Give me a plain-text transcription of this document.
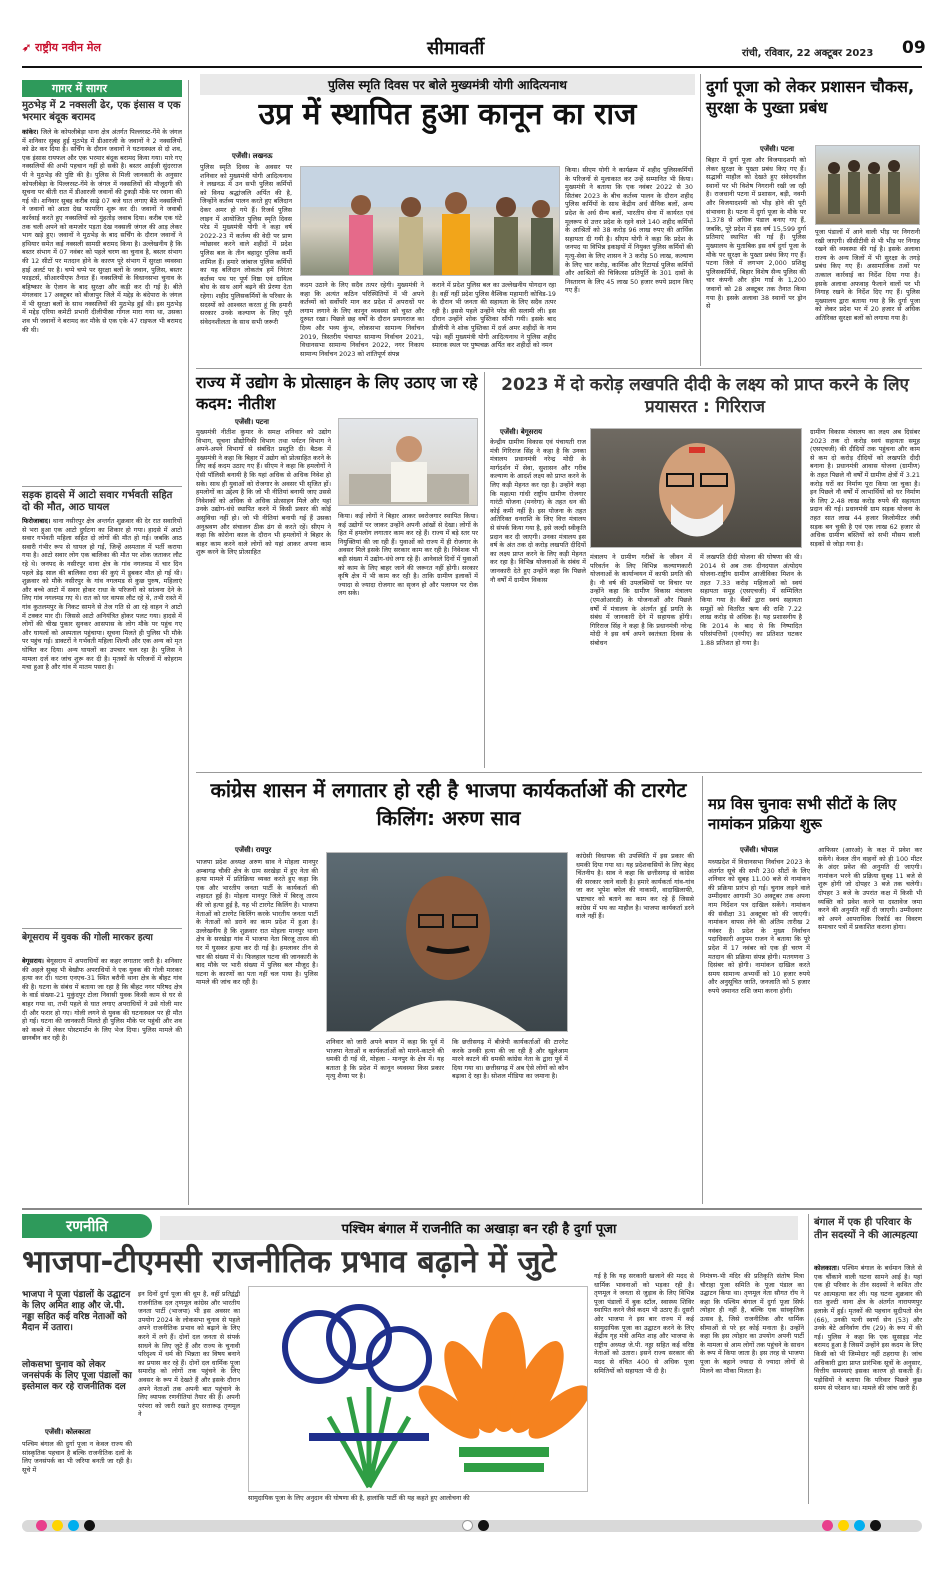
➶ राष्ट्रीय नवीन मेल	सीमावर्ती	रांची, रविवार, 22 अक्टूबर 2023 09
गागर में सागर
मुठभेड़ में 2 नक्सली ढेर, एक इंसास व एक भरमार बंदूक बरामद
कांकेर। जिले के कोयलीबेड़ा थाना क्षेत्र अंतर्गत पिल्लरस्ट-गेंमे के जंगल में शनिवार सुबह हुई मुठभेड़ में डीआरजी के जवानों ने 2 नक्सलियों को ढेर कर दिया है। सर्चिंग के दौरान जवानों ने घटनास्थल से दो शव, एक इंसास रायफल और एक भरमार बंदूक बरामद किया गया। मारे गए नक्सलियों की अभी पहचान नहीं हो सकी है। बस्तर आईजी सुंदरराज पी ने मुठभेड़ की पुष्टि की है। पुलिस से मिली जानकारी के अनुसार कोयलीबेड़ा के पिल्लरस्ट-गेंमे के जंगल में नक्सलियों की मौजूदगी की सूचना पर बीती रात में डीआरजी जवानों की टुकड़ी मौके पर रवाना की गई थी। शनिवार सुबह करीब साढ़े 07 बजे घात लगाए बैठे नक्सलियों ने जवानों को आता देख फायरिंग शुरू कर दी। जवानों ने जवाबी कार्रवाई करते हुए नक्सलियों को मुंहतोड़ जवाब दिया। करीब एक घंटे तक चली अपने को कमजोर पड़ता देख नक्सली जंगल की आड़ लेकर भाग खड़े हुए। जवानों ने मुठभेड़ के बाद सर्चिंग के दौरान जवानों ने हथियार समेत कई नक्सली सामग्री बरामद किया है। उल्लेखनीय है कि बस्तर संभाग में 07 नवंबर को पहले चरण का चुनाव है, बस्तर संभाग की 12 सीटों पर मतदान होने के कारण पूरे संभाग में सुरक्षा व्यवस्था हाई अलर्ट पर है। चप्पे चप्पे पर सुरक्षा बलों के जवान, पुलिस, बस्तर फाइटर्स, सीआरपीएफ तैनात हैं। नक्सलियों के विधानसभा चुनाव के बहिष्कार के ऐलान के बाद सुरक्षा और कड़ी कर दी गई है। बीते मंगलवार 17 अक्टूबर को बीजापुर जिले में मद्देड़ के बंदेपारा के जंगल में भी सुरक्षा बलों के साथ नक्सलियों की मुठभेड़ हुई थी। इस मुठभेड़ में मद्देड़ एरिया कमेटी प्रभारी दीलीपीस्रा गोंगल मारा गया था, उसका शव भी जवानों ने बरामद कर मौके से एक एके 47 राइफल भी बरामद की थी।
सड़क हादसे में आटो सवार गर्भवती सहित दो की मौत, आठ घायल
फिरोजाबाद। थाना नसीरपुर क्षेत्र अन्तर्गत शुक्रवार की देर रात सवारियों से भरा हुआ एक आटो दुर्घटना का शिकार हो गया। हादसे में आटो सवार गर्भवती महिला सहित दो लोगों की मौत हो गई। जबकि आठ सवारी गंभीर रूप से घायल हो गई, जिन्हें अस्पताल में भर्ती कराया गया है। आटो सवार लोग एक बालिका की मौत पर शोक जताकर लौट रहे थे। जनपद के नसीरपुर थाना क्षेत्र के गांव नगलमड में चार दिन पहले डेढ़ साल की बालिका राधा की कुएं में डूबकर मौत हो गई थी। शुक्रवार को मौके नसीरपुर के गांव नगलमड से कुछ पुरुष, महिलाएं और बच्चे आटो में सवार होकर राधा के परिजनों को सांत्वना देने के लिए गांव नगलमड गए थे। रात को घर वापस लौट रहे थे, तभी रास्ते में गांव कुतलमपुर के निकट सामने से तेज गति से आ रहे वाहन ने आटो में टक्कर मार दी। जिससे आटो अनियंत्रित होकर पलट गया। हादसे में लोगों की चीख पुकार सुनकर आसपास के लोग मौके पर पहुंच गए और घायलों को अस्पताल पहुंचाया। सूचना मिलते ही पुलिस भी मौके पर पहुंच गई। डाक्टरों ने गर्भवती महिला शिल्पी और एक अन्य को मृत घोषित कर दिया। अन्य घायलों का उपचार चल रहा है। पुलिस ने मामला दर्ज कर जांच शुरू कर दी है। मृतकों के परिजनों में कोहराम मचा हुआ है और गांव में मातम पसरा है।
बेगूसराय में युवक की गोली मारकर हत्या
बेगूसराय। बेगूसराय में अपराधियों का कहर लगातार जारी है। शनिवार की अहले सुबह भी बेखौफ अपराधियों ने एक युवक की गोली मारकर हत्या कर दी। घटना एनएच-31 स्थित बरौनी थाना क्षेत्र के बीहट गांव की है। घटना के संबंध में बताया जा रहा है कि बीहट नगर परिषद क्षेत्र के वार्ड संख्या-21 मुकुंदपुर टोला निवासी युवक किसी काम से घर से बाहर गया था, तभी पहले से घात लगाए अपराधियों ने उसे गोली मार दी और फरार हो गए। गोली लगने से युवक की घटनास्थल पर ही मौत हो गई। घटना की जानकारी मिलते ही पुलिस मौके पर पहुंची और शव को कब्जे में लेकर पोस्टमार्टम के लिए भेज दिया। पुलिस मामले की छानबीन कर रही है।
पुलिस स्मृति दिवस पर बोले मुख्यमंत्री योगी आदित्यनाथ
उप्र में स्थापित हुआ कानून का राज
एजेंसी। लखनऊ
पुलिस स्मृति दिवस के अवसर पर शनिवार को मुख्यमंत्री योगी आदित्यनाथ ने लखनऊ में उन सभी पुलिस कर्मियों को विनम्र श्रद्धांजलि अर्पित की है, जिन्होंने कर्तव्य पालन करते हुए बलिदान देकर अमर हो गये हैं। रिजर्व पुलिस लाइन में आयोजित पुलिस स्मृति दिवस परेड में मुख्यमंत्री योगी ने कहा वर्ष 2022-23 में कर्तव्य की वेदी पर प्राण न्योछावर करने वाले शहीदों में प्रदेश पुलिस बल के तीन बहादुर पुलिस कर्मी शामिल हैं। हमारे जांबाज पुलिस कर्मियों का यह बलिदान लोकतंत्र हमें निरंतर कर्तव्य पथ पर पूर्ण निष्ठा एवं दायित्व बोध के साथ आगे बढ़ने की प्रेरणा देता रहेगा। शहीद पुलिसकर्मियों के परिवार के सदस्यों को आश्वस्त करता हूं कि हमारी सरकार उनके कल्याण के लिए पूरी संवेदनशीलता के साथ सभी जरूरी
कदम उठाने के लिए सदैव तत्पर रहेगी। मुख्यमंत्री ने कहा कि अत्यंत कठिन परिस्थितियों में भी अपने कर्तव्यों को सर्वोपरि मान कर प्रदेश में अपराधों पर लगाम लगाने के लिए कानून व्यवस्था को चुस्त और दुरुस्त रखा। पिछले छह वर्षों के दौरान प्रयागराज का दिव्य और भव्य कुंभ, लोकसभा सामान्य निर्वाचन 2019, त्रिस्तरीय पंचायत सामान्य निर्वाचन 2021, विधानसभा सामान्य निर्वाचन 2022, नगर निकाय सामान्य निर्वाचन 2023 को शांतिपूर्ण संपन्न
कराने में प्रदेश पुलिस बल का उल्लेखनीय योगदान रहा है। वहीं नहीं प्रदेश पुलिस वैश्विक महामारी कोविड-19 के दौरान भी जनता की सहायता के लिए सदैव तत्पर रही है। इससे पहले उन्होंने परेड की सलामी ली। इस दौरान उन्होंने शोक पुस्तिका सौंपी गयी। इसके बाद डीजीपी ने शोक पुस्तिका में दर्ज अमर शहीदों के नाम पढ़े। वहीं मुख्यमंत्री योगी आदित्यनाथ ने पुलिस शहीद स्मारक स्थल पर पुष्पचक्र अर्पित कर शहीदों को नमन
किया। सीएम योगी ने कार्यक्रम में शहीद पुलिसकर्मियों के परिजनों से मुलाकात कर उन्हें सम्मानित भी किया। मुख्यमंत्री ने बताया कि एक नवंबर 2022 से 30 सितंबर 2023 के बीच कर्तव्य पालन के दौरान शहीद पुलिस कर्मियों के साथ केंद्रीय अर्ध सैनिक बलों, अन्य प्रदेश के अर्ध सैन्य बलों, भारतीय सेना में कार्यरत एवं मूलरूप से उत्तर प्रदेश के रहने वाले 140 शहीद कर्मियों के आश्रितों को 38 करोड़ 96 लाख रुपए की आर्थिक सहायता दी गयी है। सीएम योगी ने कहा कि प्रदेश के जनपद या विभिन्न इकाइयों में नियुक्त पुलिस कर्मियों की मृत्यु-सेवा के लिए शासन ने 3 करोड़ 50 लाख, कल्याण के लिए चार करोड़, कार्मिक और रिटायर्ड पुलिस कर्मियों और आश्रितों की चिकित्सा प्रतिपूर्ति के 301 दावों के निस्तारण के लिए 45 लाख 50 हजार रुपये प्रदान किए गए हैं।
दुर्गा पूजा को लेकर प्रशासन चौकस, सुरक्षा के पुख्ता प्रबंध
एजेंसी। पटना
बिहार में दुर्गा पूजा और विजयादशमी को लेकर सुरक्षा के पुख्ता प्रबंध किए गए हैं। सद्भावी माहौल को देखते हुए संवेदनशील स्थानों पर भी विशेष निगरानी रखी जा रही है। राजधानी पटना में प्रशासन, बड़ी, नवमी और विजयादशमी को भीड़ होने की पूरी संभावना है। पटना में दुर्गा पूजा के मौके पर 1,378 से अधिक पंडाल बनाए गए हैं, जबकि, पूरे प्रदेश में इस वर्ष 15,599 दुर्गा प्रतिमाएं स्थापित की गई हैं। पुलिस मुख्यालय के मुताबिक इस वर्ष दुर्गा पूजा के मौके पर सुरक्षा के पुख्ता प्रबंध किए गए हैं। पटना जिले में लगभग 2,000 प्रशिक्षु पुलिसकर्मियों, बिहार विशेष सैन्य पुलिस की चार कंपनी और होम गार्ड के 1,200 जवानों को 28 अक्टूबर तक तैनात किया गया है। इसके अलावा 38 स्थानों पर ड्रोन से
पूजा पंडालों में आने वाली भीड़ पर निगरानी रखी जाएगी। सीसीटीवी से भी भीड़ पर निगाह रखने की व्यवस्था की गई है। इसके अलावा राज्य के अन्य जिलों में भी सुरक्षा के तगड़े प्रबंध किए गए हैं। असामाजिक तत्वों पर तत्काल कार्रवाई का निर्देश दिया गया है। इसके अलावा अफवाह फैलाने वालों पर भी निगाह रखने के निर्देश दिए गए हैं। पुलिस मुख्यालय द्वारा बताया गया है कि दुर्गा पूजा को लेकर प्रदेश भर में 20 हजार से अधिक अतिरिक्त सुरक्षा बलों को लगाया गया है।
राज्य में उद्योग के प्रोत्साहन के लिए उठाए जा रहे कदम: नीतीश
एजेंसी। पटना
मुख्यमंत्री नीतीश कुमार के समक्ष शनिवार को उद्योग विभाग, सूचना प्रौद्योगिकी विभाग तथा पर्यटन विभाग ने अपने-अपने विभागों से संबंधित प्रस्तुति दी। बैठक में मुख्यमंत्री ने कहा कि बिहार में उद्योग को प्रोत्साहित करने के लिए कई कदम उठाए गए हैं। सीएम ने कहा कि हमलोगों ने ऐसी पॉलिसी बनायी है कि यहां अधिक से अधिक निवेश हो सके। साथ ही युवाओं को रोजगार के अवसर भी सृजित हों। हमलोगों का उद्देश्य है कि जो भी नीतियां बनायी जाए उससे निवेशकों को अधिक से अधिक प्रोत्साहन मिले और यहां उनके उद्योग-धंधे स्थापित करने में किसी प्रकार की कोई असुविधा नहीं हो। जो भी नीतियां बनायी गई हैं उसका अनुश्रवण और संचालन ठीक ढंग से करते रहें। सीएम ने कहा कि कोरोना काल के दौरान भी हमलोगों ने बिहार के बाहर काम करने वाले लोगों को यहां आकर अपना काम शुरू करने के लिए प्रोत्साहित
किया। कई लोगों ने बिहार आकर स्वरोजगार स्थापित किया। कई उद्योगों पर जाकर उन्होंने अपनी आंखों से देखा। लोगों के हित में हमलोग लगातार काम कर रहे हैं। राज्य में बड़े स्तर पर नियुक्तियां की जा रही हैं। युवाओं को राज्य में ही रोजगार के अवसर मिले इसके लिए सरकार काम कर रही है। निवेशक भी बड़ी संख्या में उद्योग-धंधे लगा रहे हैं। आनेवाले दिनों में युवाओं को काम के लिए बाहर जाने की जरूरत नहीं होगी। सरकार कृषि क्षेत्र में भी काम कर रही है। ताकि ग्रामीण इलाकों में ज्यादा से ज्यादा रोजगार का सृजन हो और पलायन पर रोक लग सके।
2023 में दो करोड़ लखपति दीदी के लक्ष्य को प्राप्त करने के लिए प्रयासरत : गिरिराज
एजेंसी। बेगूसराय
केन्द्रीय ग्रामीण विकास एवं पंचायती राज मंत्री गिरिराज सिंह ने कहा है कि उनका मंत्रालय प्रधानमंत्री नरेन्द्र मोदी के मार्गदर्शन में सेवा, सुशासन और गरीब कल्याण के आदर्श लक्ष्य को प्राप्त करने के लिए कड़ी मेहनत कर रहा है। उन्होंने कहा कि महात्मा गांधी राष्ट्रीय ग्रामीण रोजगार गारंटी योजना (मनरेगा) के तहत धन की कोई कमी नहीं है। इस योजना के तहत अतिरिक्त धनराशि के लिए वित्त मंत्रालय से संपर्क किया गया है, इसे जल्दी स्वीकृति प्रदान कर दी जाएगी। उनका मंत्रालय इस वर्ष के अंत तक दो करोड़ लखपति दीदियों का लक्ष्य प्राप्त करने के लिए कड़ी मेहनत कर रहा है। विभिन्न योजनाओं के संबंध में जानकारी देते हुए उन्होंने कहा कि पिछले नौ वर्षों में ग्रामीण विकास
मंत्रालय ने ग्रामीण गरीबों के जीवन में परिवर्तन के लिए विभिन्न कल्याणकारी योजनाओं के कार्यान्वयन में काफी प्रगति की है। नौ वर्ष की उपलब्धियों पर विचार पर उन्होंने कहा कि ग्रामीण विकास मंत्रालय (एमओआरडी) के योजनाओं और पिछले वर्षों में मंत्रालय के अंतर्गत हुई प्रगति के संबंध में जानकारी देने में सहायक होंगी। गिरिराज सिंह ने कहा है कि प्रधानमंत्री नरेन्द्र मोदी ने इस वर्ष अपने स्वतंत्रता दिवस के संबोधन
में लखपति दीदी योजना की घोषणा की थी। 2014 से अब तक दीनदयाल अंत्योदय योजना-राष्ट्रीय ग्रामीण आजीविका मिशन के तहत 7.33 करोड़ महिलाओं को स्वयं सहायता समूह (एसएचजी) में सम्मिलित किया गया है। बैंकों द्वारा स्वयं सहायता समूहों को वितरित ऋण की राशि 7.22 लाख करोड़ से अधिक है। यह प्रशासनीय है कि 2014 के बाद से कि निष्पादित परिसंपत्तियों (एनपीए) का प्रतिशत घटकर 1.88 प्रतिशत हो गया है।
ग्रामीण विकास मंत्रालय का लक्ष्य अब दिसंबर 2023 तक दो करोड़ स्वयं सहायता समूह (एसएचजी) की दीदियों तक पहुंचना और काम से कम दो करोड़ दीदियों को लखपति दीदी बनाना है। प्रधानमंत्री आवास योजना (ग्रामीण) के तहत पिछले नौ वर्षों में ग्रामीण क्षेत्रों में 3.21 करोड़ घरों का निर्माण पूरा किया जा चुका है। इन पिछले नौ वर्षों में लाभार्थियों को घर निर्माण के लिए 2.48 लाख करोड़ रुपये की सहायता प्रदान की गई। प्रधानमंत्री ग्राम सड़क योजना के तहत सात लाख 44 हजार किलोमीटर लंबी सड़क बन चुकी है एवं एक लाख 62 हजार से अधिक ग्रामीण बस्तियों को सभी मौसम वाली सड़कों से जोड़ा गया है।
कांग्रेस शासन में लगातार हो रही है भाजपा कार्यकर्ताओं की टारगेट किलिंग: अरुण साव
एजेंसी। रायपुर
भाजपा प्रदेश अध्यक्ष अरुण साव ने मोहला मानपुर अम्बागढ़ चौकी क्षेत्र के ग्राम सरखेड़ा में हुए नेता की हत्या मामले में प्रतिक्रिया व्यक्त करते हुए कहा कि एक और भारतीय जनता पार्टी के कार्यकर्ता की शहादत हुई है। मोहला मानपुर जिले में बिरजू तारम की जो हत्या हुई है, यह भी टारगेट किलिंग है। भाजपा नेताओं को टारगेट किलिंग करके भारतीय जनता पार्टी के नेताओं को डराने का काम प्रदेश में हुआ है। उल्लेखनीय है कि शुक्रवार रात मोहला मानपुर थाना क्षेत्र के सरखेड़ा गांव में भाजपा नेता बिरजू तारम की घर में घुसकर हत्या कर दी गई है। हमलावर तीन से चार की संख्या में थे। फिलहाल घटना की जानकारी के बाद मौके पर भारी संख्या में पुलिस बल मौजूद है। घटना के कारणों का पता नहीं चल पाया है। पुलिस मामले की जांच कर रही है।
शनिवार को जारी अपने बयान में कहा कि पूर्व में भाजपा नेताओं व कार्यकर्ताओं को मारने-काटने की धमकी दी गई थी, मोहला - मानपुर के क्षेत्र में। यह बताता है कि प्रदेश में कानून व्यवस्था किस प्रकार मृत्यु शैय्या पर है।
कि छत्तीसगढ़ में बीजेपी कार्यकर्ताओं की टारगेट करके उनकी हत्या की जा रही है और खुलेआम मारने काटने की धमकी कांग्रेस नेता के द्वारा पूर्व में दिया गया था। छत्तीसगढ़ में अब ऐसे लोगों को कौन बढ़ावा दे रहा है। सोशल मीडिया का जमाना है।
कांग्रेसी विधायक की उपस्थिति में इस प्रकार की धमकी दिया गया था। यह प्रदेशवासियों के लिए बेहद चिंतनीय है। साव ने कहा कि छत्तीसगढ़ से कांग्रेस की सरकार जाने वाली है। हमारे कार्यकर्ता गांव-गांव जा कर भूपेश बघेल की नाकामी, वादाखिलाफी, भ्रष्टाचार को बताने का काम कर रहे हैं जिससे कांग्रेस में भय का माहौल है। भाजपा कार्यकर्ता डरने वाले नहीं हैं।
मप्र विस चुनावः सभी सीटों के लिए नामांकन प्रक्रिया शुरू
एजेंसी। भोपाल
मध्यप्रदेश में विधानसभा निर्वाचन 2023 के अंतर्गत सूचे की सभी 230 सीटों के लिए शनिवार को सुबह 11.00 बजे से नामांकन की प्रक्रिया प्रारंभ हो गई। चुनाव लड़ने वाले उम्मीदवार आगामी 30 अक्टूबर तक अपना नाम निर्देशन पत्र दाखिल सकेंगे। नामांकन की संवीक्षा 31 अक्टूबर को की जाएगी। नामांकन वापस लेने की अंतिम तारीख 2 नवंबर है। प्रदेश के मुख्य निर्वाचन पदाधिकारी अनुपम राजन ने बताया कि पूरे प्रदेश में 17 नवंबर को एक ही चरण में मतदान की प्रक्रिया संपन्न होगी। मतगणना 3 दिसंबर को होगी। नामांकन दाखिल करते समय सामान्य अभ्यर्थी को 10 हजार रुपये और अनुसूचित जाति, जनजाति को 5 हजार रुपये जमानत राशि जमा करना होगी।
आफिसर (आरओ) के कक्ष में प्रवेश कर सकेंगे। केवल तीन वाहनों को ही 100 मीटर के अंदर प्रवेश की अनुमति दी जाएगी। नामांकन भरने की प्रक्रिया सुबह 11 बजे से शुरू होगी जो दोपहर 3 बजे तक चलेगी। दोपहर 3 बजे के उपरांत कक्ष में किसी भी व्यक्ति को प्रवेश करने या दस्तावेज जमा करने की अनुमति नहीं दी जाएगी। उम्मीदवार को अपने आपराधिक रिकॉर्ड का विवरण समाचार पत्रों में प्रकाशित कराना होगा।
रणनीति	पश्चिम बंगाल में राजनीति का अखाड़ा बन रही है दुर्गा पूजा
भाजपा-टीएमसी राजनीतिक प्रभाव बढ़ाने में जुटे
भाजपा ने पूजा पंडालों के उद्घाटन के लिए अमित शाह और जे.पी. नड्डा सहित कई वरिष्ठ नेताओं को मैदान में उतारा।
लोकसभा चुनाव को लेकर जनसंपर्क के लिए पूजा पंडालों का इस्तेमाल कर रहे राजनीतिक दल
एजेंसी। कोलकाता
पश्चिम बंगाल की दुर्गा पूजा न केवल राज्य की सांस्कृतिक पहचान है बल्कि राजनीतिक दलों के लिए जनसंपर्क का भी जरिया बनती जा रही है। सूचे में
इन दिनों दुर्गा पूजा की धूम है, वहीं प्रतिद्वंद्वी राजनीतिक दल तृणमूल कांग्रेस और भारतीय जनता पार्टी (भाजपा) भी इस अवसर का उपयोग 2024 के लोकसभा चुनाव से पहले अपने राजनीतिक प्रभाव को बढ़ाने के लिए करने में लगे हैं। दोनों दल जनता से संपर्क साधने के लिए जुटे हैं और राज्य के चुनावी परिदृश्य में धर्म की भिन्नता का विषय बनाने का प्रयास कर रहे हैं। दोनों दल धार्मिक पूजा समारोह को लोगों तक पहुंचने के लिए अवसर के रूप में देखते हैं और इसके दौरान अपने नेताओं तक अपनी बात पहुंचाने के लिए व्यापक रणनीतियां तैयार की हैं। अपनी परंपरा को जारी रखते हुए सत्तारूढ़ तृणमूल ने
सामुदायिक पूजा के लिए अनुदान की घोषणा की है, हालांकि पार्टी की यह कहते हुए आलोचना की
गई है कि यह सरकारी खजाने की मदद से धार्मिक भावनाओं को भड़का रही है। तृणमूल ने जनता से जुड़ाव के लिए विभिन्न पूजा पंडालों में बुक स्टॉल, स्वास्थ्य शिविर स्थापित करने जैसे कदम भी उठाए हैं। दूसरी ओर भाजपा ने इस बार राज्य में कई सामुदायिक पूजा का उद्घाटन करने के लिए केंद्रीय गृह मंत्री अमित शाह और भाजपा के राष्ट्रीय अध्यक्ष जे.पी. नड्डा सहित कई वरिष्ठ नेताओं को उतारा। इसने राज्य सरकार की मदद से वंचित 400 से अधिक पूजा समितियों को सहायता भी दी है।
निमंत्रण-भी मंदिर की प्रतिकृति संतोष मित्रा चौराहा पूजा समिति के पूजा पंडाल का उद्घाटन किया था। तृणमूल नेता सौगत रॉय ने कहा कि पश्चिम बंगाल में दुर्गा पूजा सिर्फ त्योहार ही नहीं है, बल्कि एक सांस्कृतिक उत्सव है, जिसे राजनीतिक और धार्मिक सीमाओं से परे हर कोई मनाता है। उन्होंने कहा कि इस त्योहार का उपयोग अपनी पार्टी के मामला से आम लोगों तक पहुंचने के साधन के रूप में किया जाता है। इस तरह से भाजपा पूजा के बहाने ज्यादा से ज्यादा लोगों से मिलने का मौका मिलता है।
बंगाल में एक ही परिवार के तीन सदस्यों ने की आत्महत्या
कोलकाता। पश्चिम बंगाल के बर्धमान जिले से एक चौंकाने वाली घटना सामने आई है। यहां एक ही परिवार के तीन सदस्यों ने कथित तौर पर आत्महत्या कर ली। यह घटना शुक्रवार की रात कुल्टी थाना क्षेत्र के अंतर्गत नारायणपुर इलाके में हुई। मृतकों की पहचान सुदीपतो सेन (66), उनकी पत्नी स्वर्णा सेन (53) और उनके बेटे अनिर्वाण रॉय (29) के रूप में की गई। पुलिस ने कहा कि एक सुसाइड नोट बरामद हुआ है जिसमें उन्होंने इस कदम के लिए किसी को भी जिम्मेदार नहीं ठहराया है। जांच अधिकारी द्वारा प्राप्त प्रारंभिक सूत्रों के अनुसार, वित्तीय समस्याएं इसका कारण हो सकती हैं। पड़ोसियों ने बताया कि परिवार पिछले कुछ समय से परेशान था। मामले की जांच जारी है।
